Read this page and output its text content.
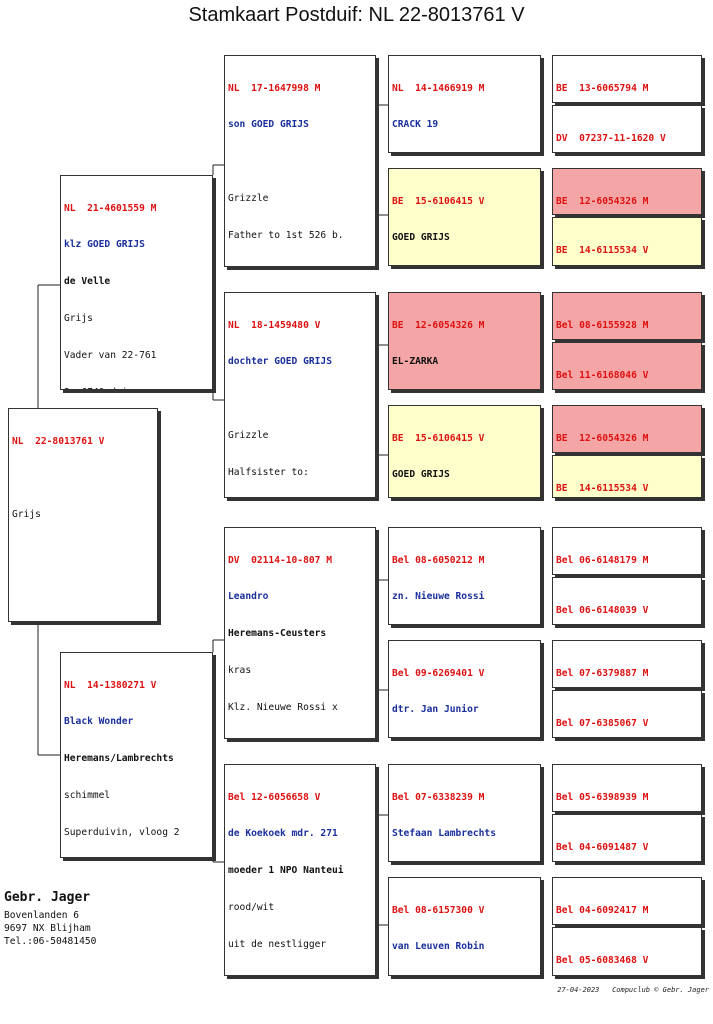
Stamkaart Postduif: NL 22-8013761 V

NL  22-8013761 V

Grijs

NL  21-4601559 M

klz GOED GRIJS

de Velle

Grijs

Vader van 22-761

NL  14-1380271 V

Black Wonder

Heremans/Lambrechts

schimmel

Superduivin, vloog 2

NL  17-1647998 M

son GOED GRIJS

Grizzle

Father to 1st 526 b.

NL  18-1459480 V

dochter GOED GRIJS

Grizzle

Halfsister to:

DV  02114-10-807 M

Leandro

Heremans-Ceusters

kras

Klz. Nieuwe Rossi x

Bel 12-6056658 V

de Koekoek mdr. 271

moeder 1 NPO Nanteui

rood/wit

uit de nestligger

NL  14-1466919 M

CRACK 19

BE  15-6106415 V

GOED GRIJS

BE  12-6054326 M

EL-ZARKA

BE  15-6106415 V

GOED GRIJS

Bel 08-6050212 M

zn. Nieuwe Rossi

Bel 09-6269401 V

dtr. Jan Junior

Bel 07-6338239 M

Stefaan Lambrechts

Bel 08-6157300 V

van Leuven Robin

BE  13-6065794 M

DV  07237-11-1620 V

BE  12-6054326 M

BE  14-6115534 V

Bel 08-6155928 M

Bel 11-6168046 V

BE  12-6054326 M

BE  14-6115534 V

Bel 06-6148179 M

Bel 06-6148039 V

Bel 07-6379887 M

Bel 07-6385067 V

Bel 05-6398939 M

Bel 04-6091487 V

Bel 04-6092417 M

Bel 05-6083468 V

Gebr. Jager
Bovenlanden 6
9697 NX Blijham
Tel.:06-50481450
27-04-2023 Compuclub © Gebr. Jager
